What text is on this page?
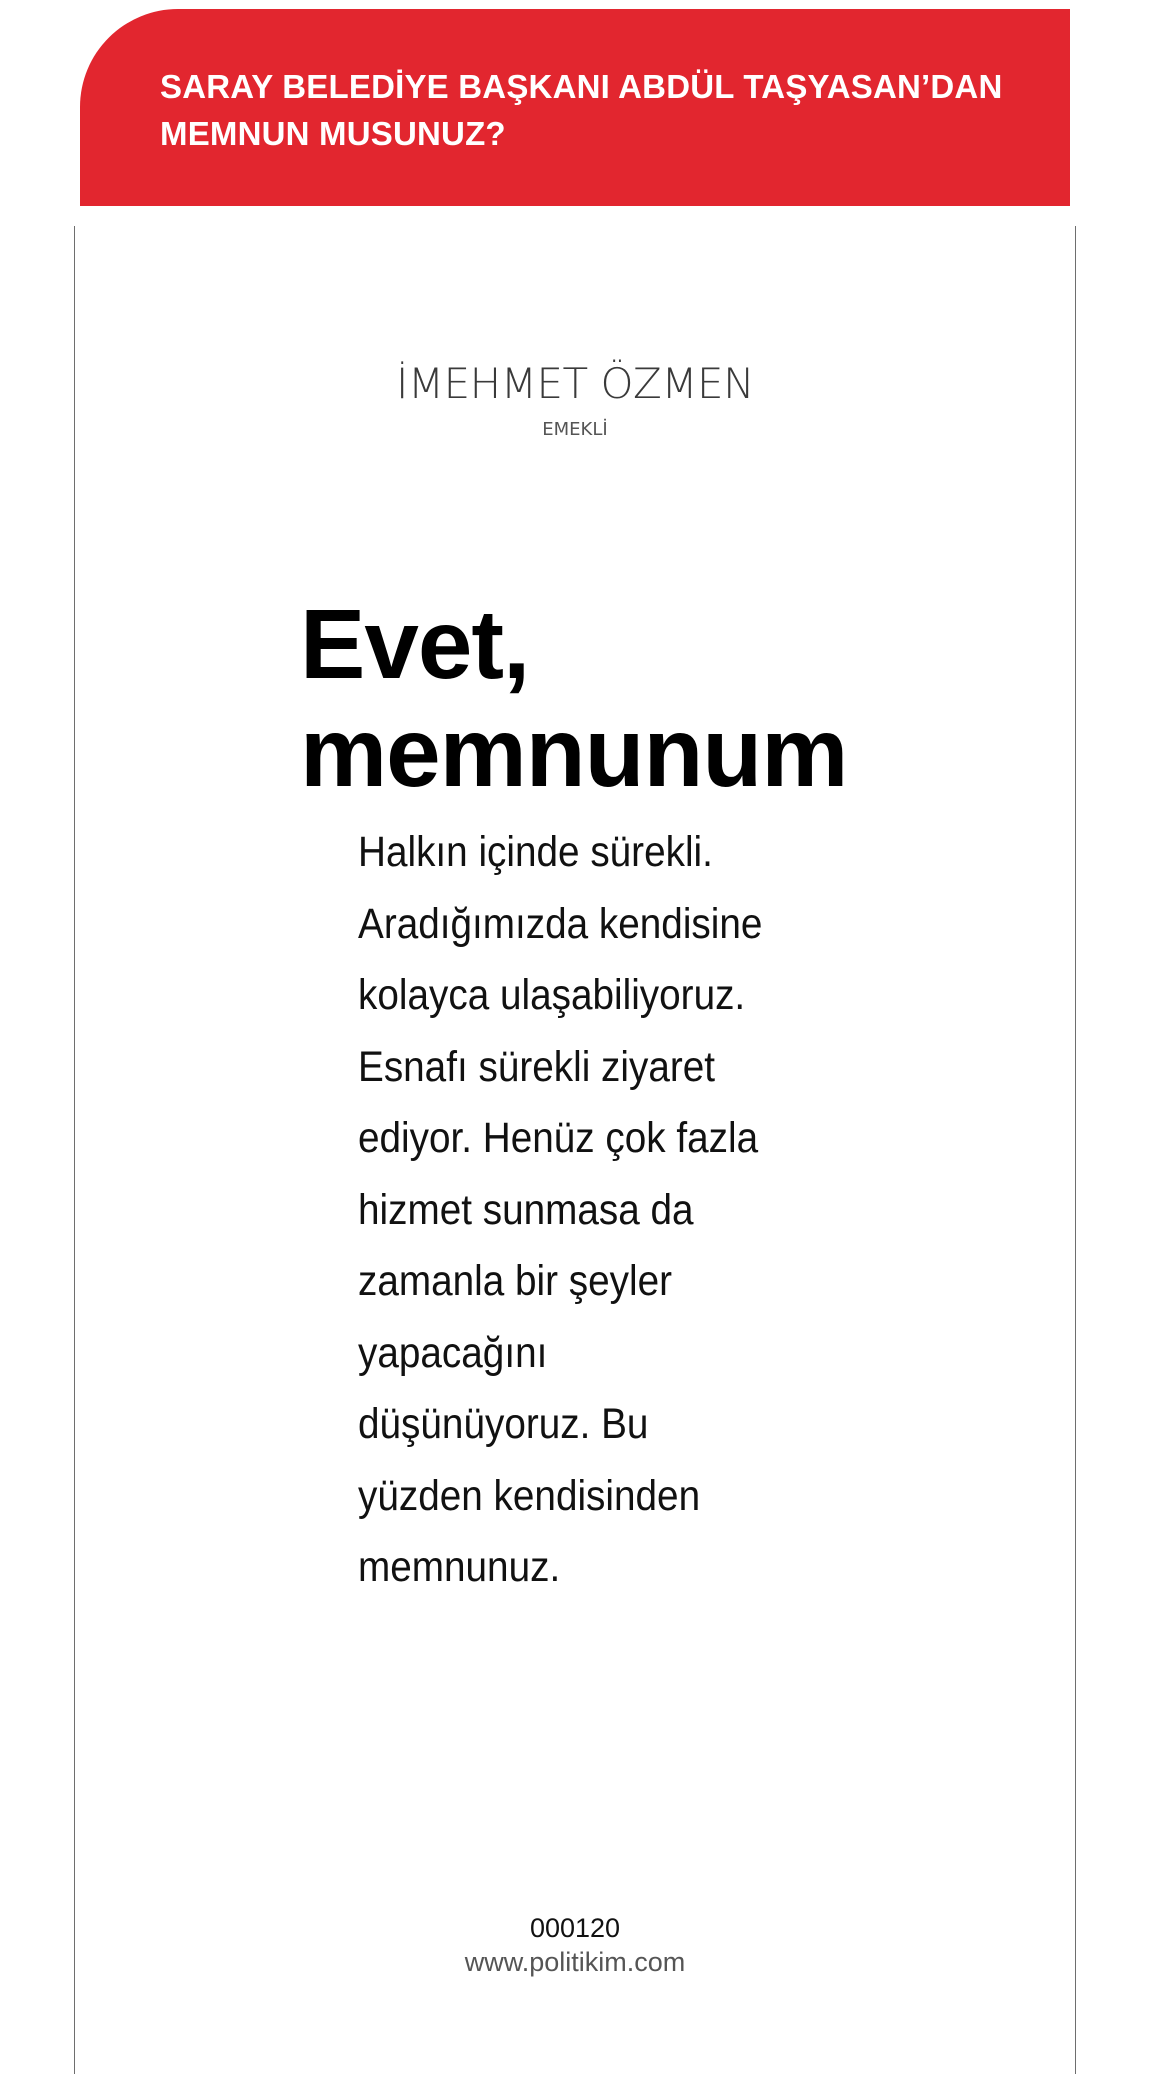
SARAY BELEDİYE BAŞKANI ABDÜL TAŞYASAN’DAN
MEMNUN MUSUNUZ?
İMEHMET ÖZMEN
EMEKLİ
Evet,
memnunum
Halkın içinde sürekli.
Aradığımızda kendisine
kolayca ulaşabiliyoruz.
Esnafı sürekli ziyaret
ediyor. Henüz çok fazla
hizmet sunmasa da
zamanla bir şeyler
yapacağını
düşünüyoruz. Bu
yüzden kendisinden
memnunuz.
000120
www.politikim.com
